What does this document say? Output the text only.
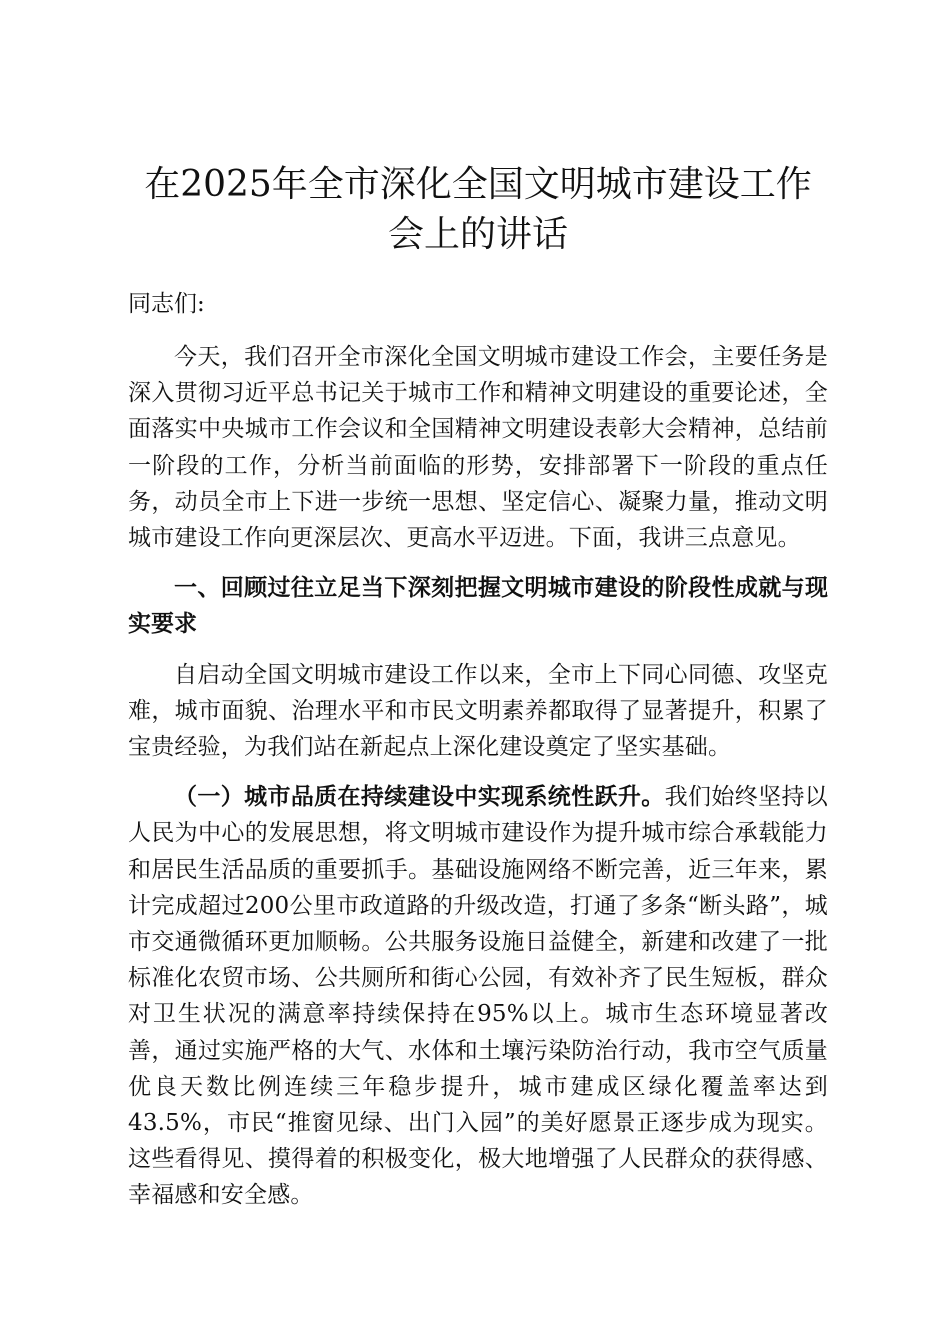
在2025年全市深化全国文明城市建设工作会上的讲话

同志们:

今天，我们召开全市深化全国文明城市建设工作会，主要任务是深入贯彻习近平总书记关于城市工作和精神文明建设的重要论述，全面落实中央城市工作会议和全国精神文明建设表彰大会精神，总结前一阶段的工作，分析当前面临的形势，安排部署下一阶段的重点任务，动员全市上下进一步统一思想、坚定信心、凝聚力量，推动文明城市建设工作向更深层次、更高水平迈进。下面，我讲三点意见。

一、回顾过往立足当下深刻把握文明城市建设的阶段性成就与现实要求

自启动全国文明城市建设工作以来，全市上下同心同德、攻坚克难，城市面貌、治理水平和市民文明素养都取得了显著提升，积累了宝贵经验，为我们站在新起点上深化建设奠定了坚实基础。

（一）城市品质在持续建设中实现系统性跃升。我们始终坚持以人民为中心的发展思想，将文明城市建设作为提升城市综合承载能力和居民生活品质的重要抓手。基础设施网络不断完善，近三年来，累计完成超过200公里市政道路的升级改造，打通了多条“断头路”，城市交通微循环更加顺畅。公共服务设施日益健全，新建和改建了一批标准化农贸市场、公共厕所和街心公园，有效补齐了民生短板，群众对卫生状况的满意率持续保持在95%以上。城市生态环境显著改善，通过实施严格的大气、水体和土壤污染防治行动，我市空气质量优良天数比例连续三年稳步提升，城市建成区绿化覆盖率达到43.5%，市民“推窗见绿、出门入园”的美好愿景正逐步成为现实。这些看得见、摸得着的积极变化，极大地增强了人民群众的获得感、幸福感和安全感。
